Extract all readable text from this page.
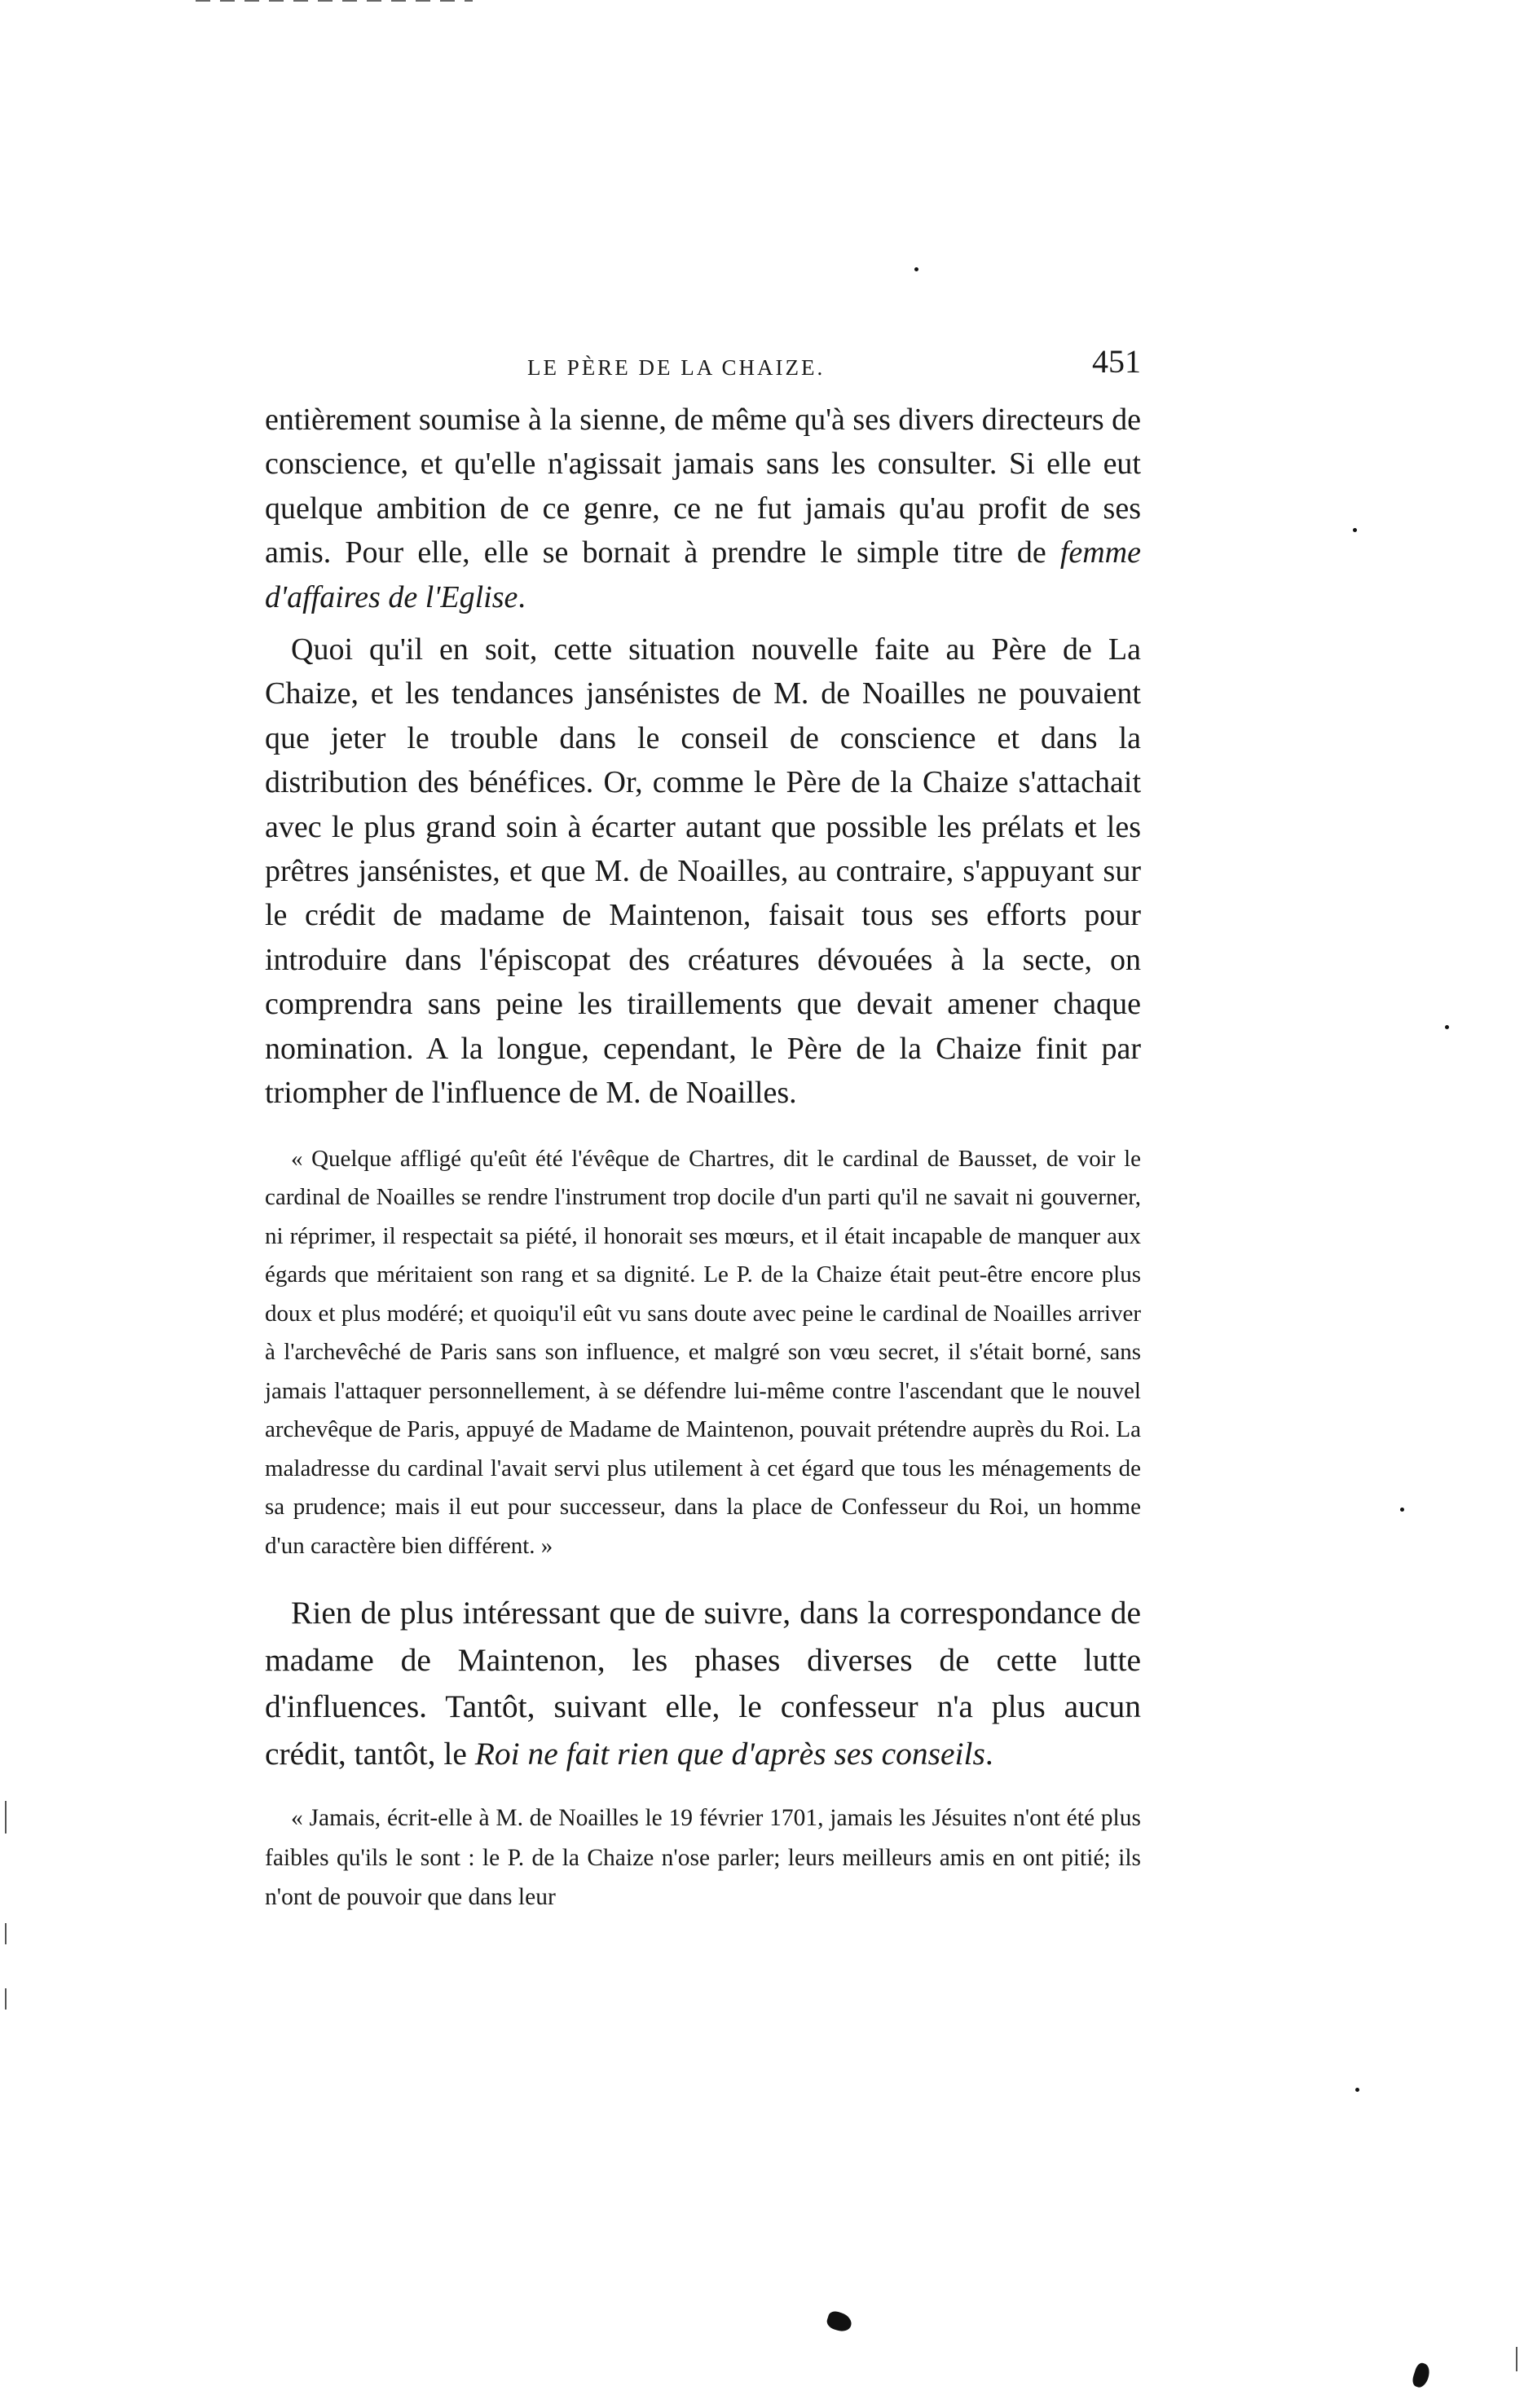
LE PÈRE DE LA CHAIZE.	451

entièrement soumise à la sienne, de même qu'à ses divers directeurs de conscience, et qu'elle n'agissait jamais sans les consulter. Si elle eut quelque ambition de ce genre, ce ne fut jamais qu'au profit de ses amis. Pour elle, elle se bornait à prendre le simple titre de femme d'affaires de l'Eglise.

Quoi qu'il en soit, cette situation nouvelle faite au Père de La Chaize, et les tendances jansénistes de M. de Noailles ne pouvaient que jeter le trouble dans le conseil de conscience et dans la distribution des bénéfices. Or, comme le Père de la Chaize s'attachait avec le plus grand soin à écarter autant que possible les prélats et les prêtres jansénistes, et que M. de Noailles, au contraire, s'appuyant sur le crédit de madame de Maintenon, faisait tous ses efforts pour introduire dans l'épiscopat des créatures dévouées à la secte, on comprendra sans peine les tiraillements que devait amener chaque nomination. A la longue, cependant, le Père de la Chaize finit par triompher de l'influence de M. de Noailles.

« Quelque affligé qu'eût été l'évêque de Chartres, dit le cardinal de Bausset, de voir le cardinal de Noailles se rendre l'instrument trop docile d'un parti qu'il ne savait ni gouverner, ni réprimer, il respectait sa piété, il honorait ses mœurs, et il était incapable de manquer aux égards que méritaient son rang et sa dignité. Le P. de la Chaize était peut-être encore plus doux et plus modéré; et quoiqu'il eût vu sans doute avec peine le cardinal de Noailles arriver à l'archevêché de Paris sans son influence, et malgré son vœu secret, il s'était borné, sans jamais l'attaquer personnellement, à se défendre lui-même contre l'ascendant que le nouvel archevêque de Paris, appuyé de Madame de Maintenon, pouvait prétendre auprès du Roi. La maladresse du cardinal l'avait servi plus utilement à cet égard que tous les ménagements de sa prudence; mais il eut pour successeur, dans la place de Confesseur du Roi, un homme d'un caractère bien différent. »

Rien de plus intéressant que de suivre, dans la correspondance de madame de Maintenon, les phases diverses de cette lutte d'influences. Tantôt, suivant elle, le confesseur n'a plus aucun crédit, tantôt, le Roi ne fait rien que d'après ses conseils.

« Jamais, écrit-elle à M. de Noailles le 19 février 1701, jamais les Jésuites n'ont été plus faibles qu'ils le sont : le P. de la Chaize n'ose parler; leurs meilleurs amis en ont pitié; ils n'ont de pouvoir que dans leur
